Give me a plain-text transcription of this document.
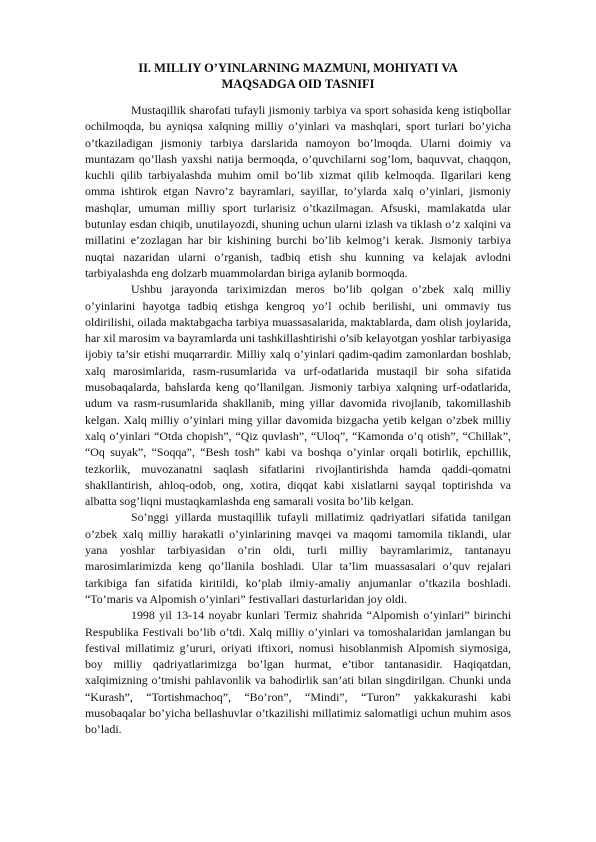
II. MILLIY O’YINLARNING MAZMUNI, MOHIYATI VA
MAQSADGA OID TASNIFI

Mustaqillik sharofati tufayli jismoniy tarbiya va sport sohasida keng istiqbollar ochilmoqda, bu ayniqsa xalqning milliy o’yinlari va mashqlari, sport turlari bo’yicha o’tkaziladigan jismoniy tarbiya darslarida namoyon bo’lmoqda. Ularni doimiy va muntazam qo’llash yaxshi natija bermoqda, o’quvchilarni sog’lom, baquvvat, chaqqon, kuchli qilib tarbiyalashda muhim omil bo’lib xizmat qilib kelmoqda. Ilgarilari keng omma ishtirok etgan Navro’z bayramlari, sayillar, to’ylarda xalq o’yinlari, jismoniy mashqlar, umuman milliy sport turlarisiz o’tkazilmagan. Afsuski, mamlakatda ular butunlay esdan chiqib, unutilayozdi, shuning uchun ularni izlash va tiklash o’z xalqini va millatini e’zozlagan har bir kishining burchi bo’lib kelmog’i kerak. Jismoniy tarbiya nuqtai nazaridan ularni o’rganish, tadbiq etish shu kunning va kelajak avlodni tarbiyalashda eng dolzarb muammolardan biriga aylanib bormoqda.

Ushbu jarayonda tariximizdan meros bo’lib qolgan o’zbek xalq milliy o’yinlarini hayotga tadbiq etishga kengroq yo’l ochib berilishi, uni ommaviy tus oldirilishi, oilada maktabgacha tarbiya muassasalarida, maktablarda, dam olish joylarida, har xil marosim va bayramlarda uni tashkillashtirishi o’sib kelayotgan yoshlar tarbiyasiga ijobiy ta’sir etishi muqarrardir. Milliy xalq o’yinlari qadim-qadim zamonlardan boshlab, xalq marosimlarida, rasm-rusumlarida va urf-odatlarida mustaqil bir soha sifatida musobaqalarda, bahslarda keng qo’llanilgan. Jismoniy tarbiya xalqning urf-odatlarida, udum va rasm-rusumlarida shakllanib, ming yillar davomida rivojlanib, takomillashib kelgan. Xalq milliy o’yinlari ming yillar davomida bizgacha yetib kelgan o’zbek milliy xalq o’yinlari “Otda chopish”, “Qiz quvlash”, “Uloq”, “Kamonda o’q otish”, “Chillak”, “Oq suyak”, “Soqqa”, “Besh tosh” kabi va boshqa o’yinlar orqali botirlik, epchillik, tezkorlik, muvozanatni saqlash sifatlarini rivojlantirishda hamda qaddi-qomatni shakllantirish, ahloq-odob, ong, xotira, diqqat kabi xislatlarni sayqal toptirishda va albatta sog’liqni mustaqkamlashda eng samarali vosita bo’lib kelgan.

So’nggi yillarda mustaqillik tufayli millatimiz qadriyatlari sifatida tanilgan o’zbek xalq milliy harakatli o’yinlarining mavqei va maqomi tamomila tiklandi, ular yana yoshlar tarbiyasidan o’rin oldi, turli milliy bayramlarimiz, tantanayu marosimlarimizda keng qo’llanila boshladi. Ular ta’lim muassasalari o’quv rejalari tarkibiga fan sifatida kiritildi, ko’plab ilmiy-amaliy anjumanlar o’tkazila boshladi. “To’maris va Alpomish o’yinlari” festivallari dasturlaridan joy oldi.

1998 yil 13-14 noyabr kunlari Termiz shahrida “Alpomish o’yinlari” birinchi Respublika Festivali bo’lib o’tdi. Xalq milliy o’yinlari va tomoshalaridan jamlangan bu festival millatimiz g’ururi, oriyati iftixori, nomusi hisoblanmish Alpomish siymosiga, boy milliy qadriyatlarimizga bo’lgan hurmat, e’tibor tantanasidir. Haqiqatdan, xalqimizning o’tmishi pahlavonlik va bahodirlik san’ati bilan singdirilgan. Chunki unda “Kurash”, “Tortishmachoq”, “Bo’ron”, “Mindi”, “Turon” yakkakurashi kabi musobaqalar bo’yicha bellashuvlar o’tkazilishi millatimiz salomatligi uchun muhim asos bo’ladi.
